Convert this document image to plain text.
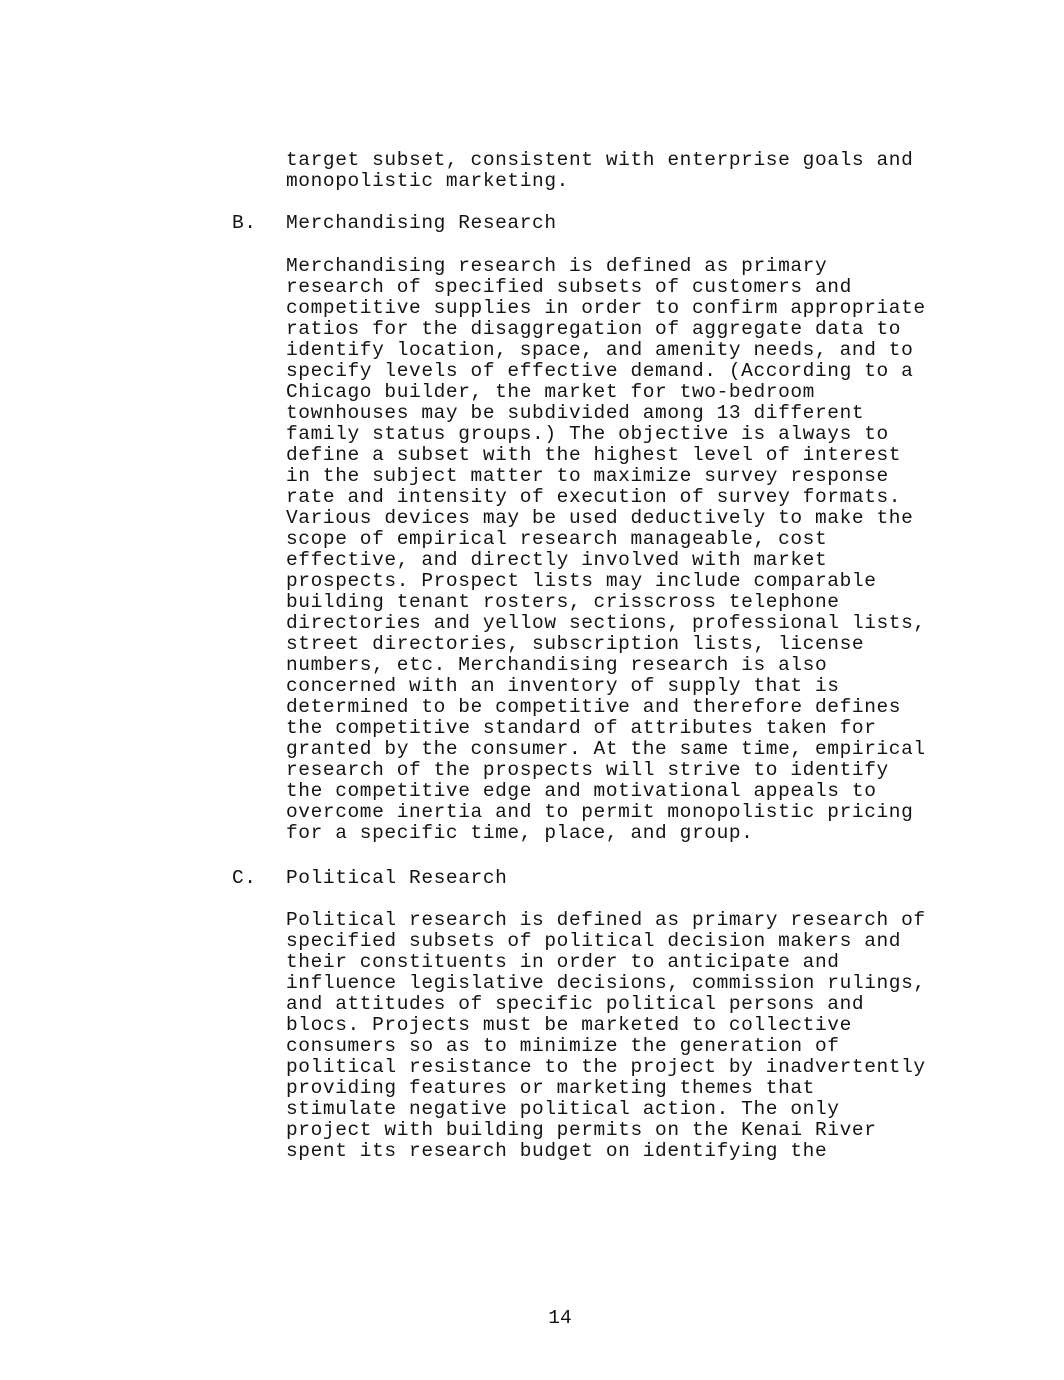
target subset, consistent with enterprise goals and
monopolistic marketing.
B. Merchandising Research
Merchandising research is defined as primary
research of specified subsets of customers and
competitive supplies in order to confirm appropriate
ratios for the disaggregation of aggregate data to
identify location, space, and amenity needs, and to
specify levels of effective demand. (According to a
Chicago builder, the market for two-bedroom
townhouses may be subdivided among 13 different
family status groups.) The objective is always to
define a subset with the highest level of interest
in the subject matter to maximize survey response
rate and intensity of execution of survey formats.
Various devices may be used deductively to make the
scope of empirical research manageable, cost
effective, and directly involved with market
prospects. Prospect lists may include comparable
building tenant rosters, crisscross telephone
directories and yellow sections, professional lists,
street directories, subscription lists, license
numbers, etc. Merchandising research is also
concerned with an inventory of supply that is
determined to be competitive and therefore defines
the competitive standard of attributes taken for
granted by the consumer. At the same time, empirical
research of the prospects will strive to identify
the competitive edge and motivational appeals to
overcome inertia and to permit monopolistic pricing
for a specific time, place, and group.
C. Political Research
Political research is defined as primary research of
specified subsets of political decision makers and
their constituents in order to anticipate and
influence legislative decisions, commission rulings,
and attitudes of specific political persons and
blocs. Projects must be marketed to collective
consumers so as to minimize the generation of
political resistance to the project by inadvertently
providing features or marketing themes that
stimulate negative political action. The only
project with building permits on the Kenai River
spent its research budget on identifying the
14
